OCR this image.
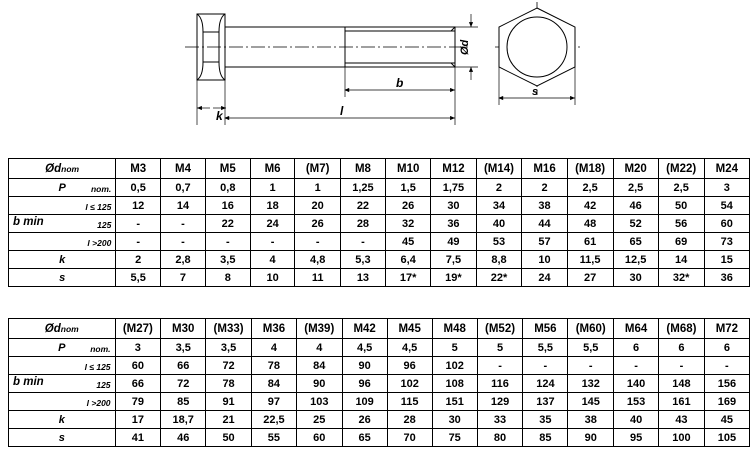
Ød
b
l
k
s
Ødnom	M3	M4	M5	M6	(M7)	M8	M10	M12	(M14)	M16	(M18)	M20	(M22)	M24
P nom.	0,5	0,7	0,8	1	1	1,25	1,5	1,75	2	2	2,5	2,5	2,5	3

l ≤ 125	12	14	16	18	20	22	26	30	34	38	42	46	50	54

b min 125	-	-	22	24	26	28	32	36	40	44	48	52	56	60

l >200	-	-	-	-	-	-	45	49	53	57	61	65	69	73
k	2	2,8	3,5	4	4,8	5,3	6,4	7,5	8,8	10	11,5	12,5	14	15
s	5,5	7	8	10	11	13	17*	19*	22*	24	27	30	32*	36
Ødnom	(M27)	M30	(M33)	M36	(M39)	M42	M45	M48	(M52)	M56	(M60)	M64	(M68)	M72
P nom.	3	3,5	3,5	4	4	4,5	4,5	5	5	5,5	5,5	6	6	6

l ≤ 125	60	66	72	78	84	90	96	102	-	-	-	-	-	-

b min 125	66	72	78	84	90	96	102	108	116	124	132	140	148	156

l >200	79	85	91	97	103	109	115	151	129	137	145	153	161	169
k	17	18,7	21	22,5	25	26	28	30	33	35	38	40	43	45
s	41	46	50	55	60	65	70	75	80	85	90	95	100	105
